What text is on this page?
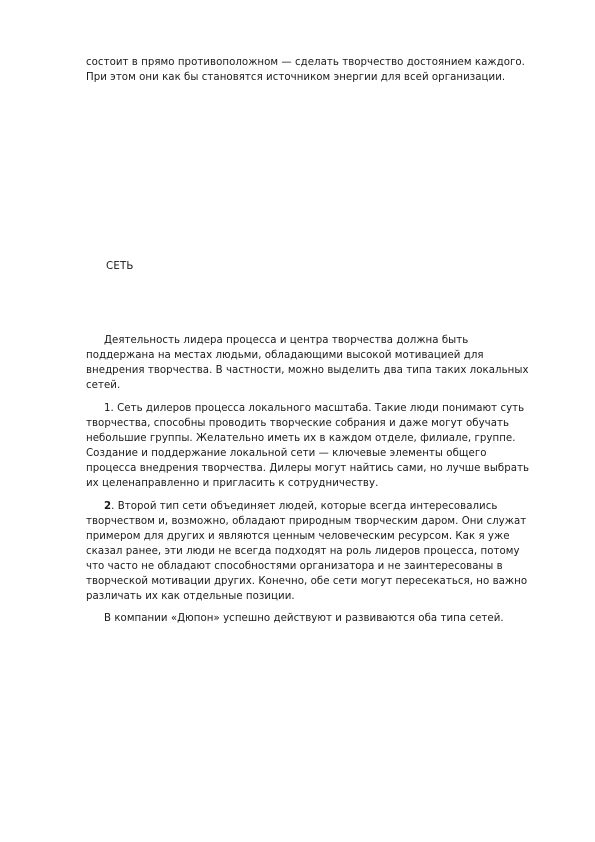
состоит в прямо противоположном — сделать творчество достоянием каждого. При этом они как бы становятся источником энергии для всей организации.

СЕТЬ

Деятельность лидера процесса и центра творчества должна быть поддержана на местах людьми, обладающими высокой мотивацией для внедрения творчества. В частности, можно выделить два типа таких локальных сетей.

1. Сеть дилеров процесса локального масштаба. Такие люди понимают суть творчества, способны проводить творческие собрания и даже могут обучать небольшие группы. Желательно иметь их в каждом отделе, филиале, группе. Создание и поддержание локальной сети — ключевые элементы общего процесса внедрения творчества. Дилеры могут найтись сами, но лучше выбрать их целенаправленно и пригласить к сотрудничеству.

2. Второй тип сети объединяет людей, которые всегда интересовались творчеством и, возможно, обладают природным творческим даром. Они служат примером для других и являются ценным человеческим ресурсом. Как я уже сказал ранее, эти люди не всегда подходят на роль лидеров процесса, потому что часто не обладают способностями организатора и не заинтересованы в творческой мотивации других. Конечно, обе сети могут пересекаться, но важно различать их как отдельные позиции.

В компании «Дюпон» успешно действуют и развиваются оба типа сетей.
